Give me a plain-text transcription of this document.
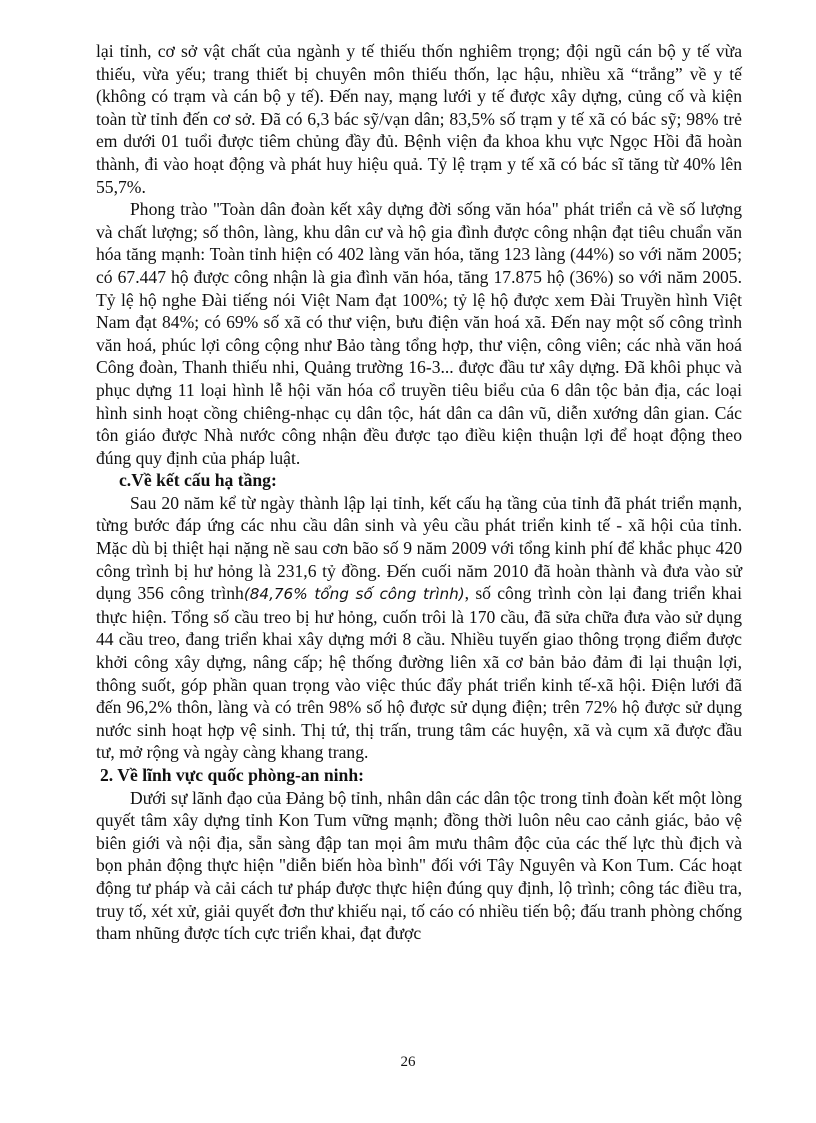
lại tỉnh, cơ sở vật chất của ngành y tế thiếu thốn nghiêm trọng; đội ngũ cán bộ y tế vừa thiếu, vừa yếu; trang thiết bị chuyên môn thiếu thốn, lạc hậu, nhiều xã “trắng” về y tế (không có trạm và cán bộ y tế). Đến nay, mạng lưới y tế được xây dựng, củng cố và kiện toàn từ tỉnh đến cơ sở. Đã có 6,3 bác sỹ/vạn dân; 83,5% số trạm y tế xã có bác sỹ; 98% trẻ em dưới 01 tuổi được tiêm chủng đầy đủ. Bệnh viện đa khoa khu vực Ngọc Hồi đã hoàn thành, đi vào hoạt động và phát huy hiệu quả. Tỷ lệ trạm y tế xã có bác sĩ tăng từ 40% lên 55,7%.

Phong trào "Toàn dân đoàn kết xây dựng đời sống văn hóa" phát triển cả về số lượng và chất lượng; số thôn, làng, khu dân cư và hộ gia đình được công nhận đạt tiêu chuẩn văn hóa tăng mạnh: Toàn tỉnh hiện có 402 làng văn hóa, tăng 123 làng (44%) so với năm 2005; có 67.447 hộ được công nhận là gia đình văn hóa, tăng 17.875 hộ (36%) so với năm 2005. Tỷ lệ hộ nghe Đài tiếng nói Việt Nam đạt 100%; tỷ lệ hộ được xem Đài Truyền hình Việt Nam đạt 84%; có 69% số xã có thư viện, bưu điện văn hoá xã. Đến nay một số công trình văn hoá, phúc lợi công cộng như Bảo tàng tổng hợp, thư viện, công viên; các nhà văn hoá Công đoàn, Thanh thiếu nhi, Quảng trường 16-3... được đầu tư xây dựng. Đã khôi phục và phục dựng 11 loại hình lễ hội văn hóa cổ truyền tiêu biểu của 6 dân tộc bản địa, các loại hình sinh hoạt cồng chiêng-nhạc cụ dân tộc, hát dân ca dân vũ, diễn xướng dân gian. Các tôn giáo được Nhà nước công nhận đều được tạo điều kiện thuận lợi để hoạt động theo đúng quy định của pháp luật.

c.Về kết cấu hạ tầng:

Sau 20 năm kể từ ngày thành lập lại tỉnh, kết cấu hạ tầng của tỉnh đã phát triển mạnh, từng bước đáp ứng các nhu cầu dân sinh và yêu cầu phát triển kinh tế - xã hội của tỉnh. Mặc dù bị thiệt hại nặng nề sau cơn bão số 9 năm 2009 với tổng kinh phí để khắc phục 420 công trình bị hư hỏng là 231,6 tỷ đồng. Đến cuối năm 2010 đã hoàn thành và đưa vào sử dụng 356 công trình(84,76% tổng số công trình), số công trình còn lại đang triển khai thực hiện. Tổng số cầu treo bị hư hỏng, cuốn trôi là 170 cầu, đã sửa chữa đưa vào sử dụng 44 cầu treo, đang triển khai xây dựng mới 8 cầu. Nhiều tuyến giao thông trọng điểm được khởi công xây dựng, nâng cấp; hệ thống đường liên xã cơ bản bảo đảm đi lại thuận lợi, thông suốt, góp phần quan trọng vào việc thúc đẩy phát triển kinh tế-xã hội. Điện lưới đã đến 96,2% thôn, làng và có trên 98% số hộ được sử dụng điện; trên 72% hộ được sử dụng nước sinh hoạt hợp vệ sinh. Thị tứ, thị trấn, trung tâm các huyện, xã và cụm xã được đầu tư, mở rộng và ngày càng khang trang.

2. Về lĩnh vực quốc phòng-an ninh:

Dưới sự lãnh đạo của Đảng bộ tỉnh, nhân dân các dân tộc trong tỉnh đoàn kết một lòng quyết tâm xây dựng tỉnh Kon Tum vững mạnh; đồng thời luôn nêu cao cảnh giác, bảo vệ biên giới và nội địa, sẵn sàng đập tan mọi âm mưu thâm độc của các thế lực thù địch và bọn phản động thực hiện "diễn biến hòa bình" đối với Tây Nguyên và Kon Tum. Các hoạt động tư pháp và cải cách tư pháp được thực hiện đúng quy định, lộ trình; công tác điều tra, truy tố, xét xử, giải quyết đơn thư khiếu nại, tố cáo có nhiều tiến bộ; đấu tranh phòng chống tham nhũng được tích cực triển khai, đạt được

26
